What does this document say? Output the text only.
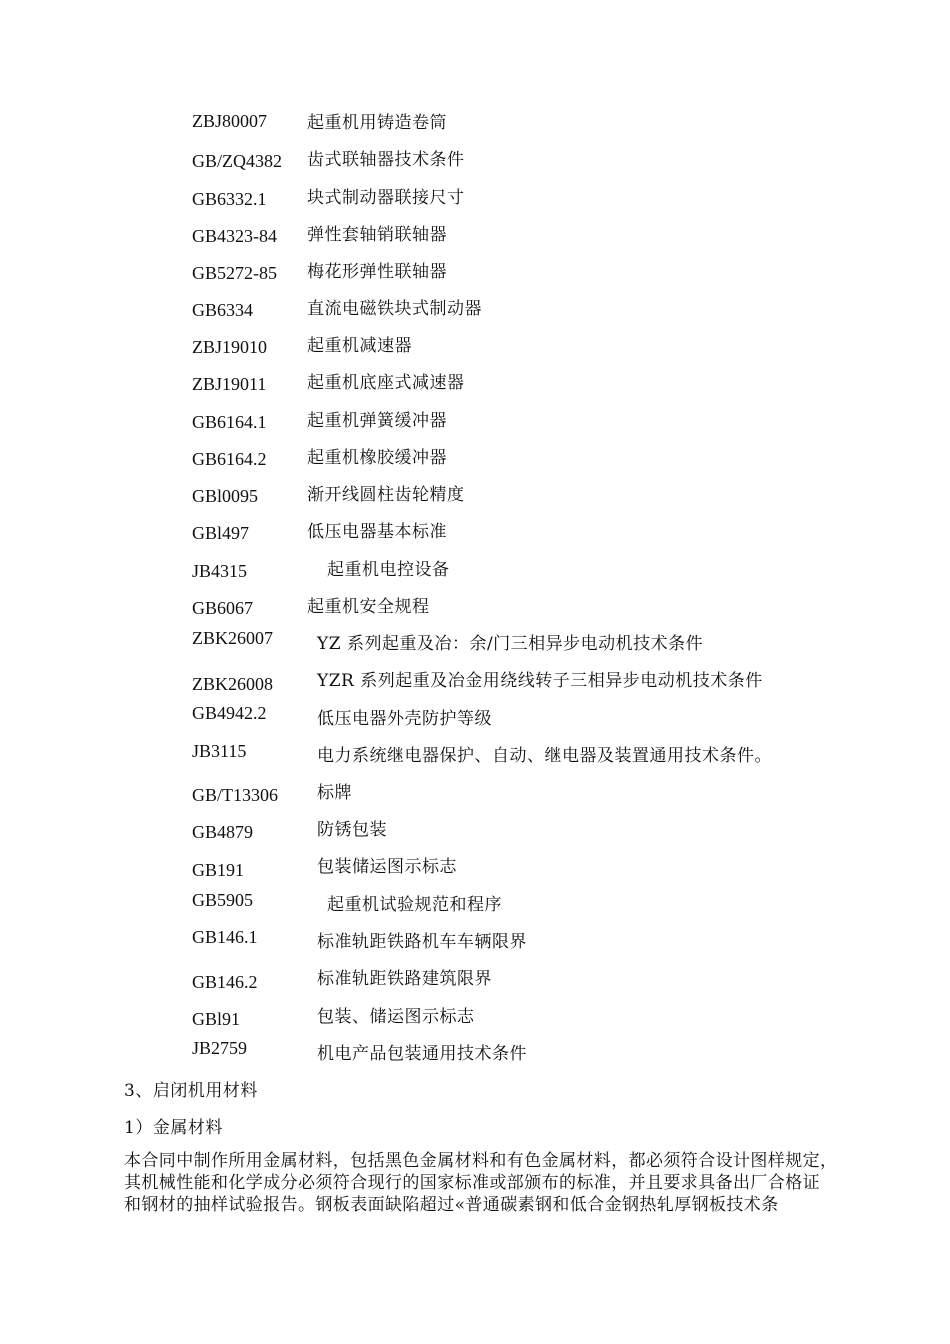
ZBJ80007 起重机用铸造卷筒
GB/ZQ4382 齿式联轴器技术条件
GB6332.1 块式制动器联接尺寸
GB4323-84 弹性套轴销联轴器
GB5272-85 梅花形弹性联轴器
GB6334	直流电磁铁块式制动器
ZBJ19010 起重机减速器
ZBJ19011 起重机底座式减速器
GB6164.1 起重机弹簧缓冲器
GB6164.2 起重机橡胶缓冲器
GBl0095	渐开线圆柱齿轮精度
GBl497	低压电器基本标准
JB4315	起重机电控设备
GB6067	起重机安全规程
ZBK26007	YZ 系列起重及冶：余/门三相异步电动机技术条件
ZBK26008	YZR 系列起重及冶金用绕线转子三相异步电动机技术条件
GB4942.2	低压电器外壳防护等级
JB3115	电力系统继电器保护、自动、继电器及装置通用技术条件。
GB/T13306 标牌
GB4879	防锈包装
GB191	包装储运图示标志
GB5905	起重机试验规范和程序
GB146.1	标准轨距铁路机车车辆限界
GB146.2	标准轨距铁路建筑限界
GBl91	包装、储运图示标志
JB2759	机电产品包装通用技术条件
3、启闭机用材料
1）金属材料
本合同中制作所用金属材料，包括黑色金属材料和有色金属材料，都必须符合设计图样规定，
其机械性能和化学成分必须符合现行的国家标准或部颁布的标准，并且要求具备出厂合格证
和钢材的抽样试验报告。钢板表面缺陷超过«普通碳素钢和低合金钢热轧厚钢板技术条
